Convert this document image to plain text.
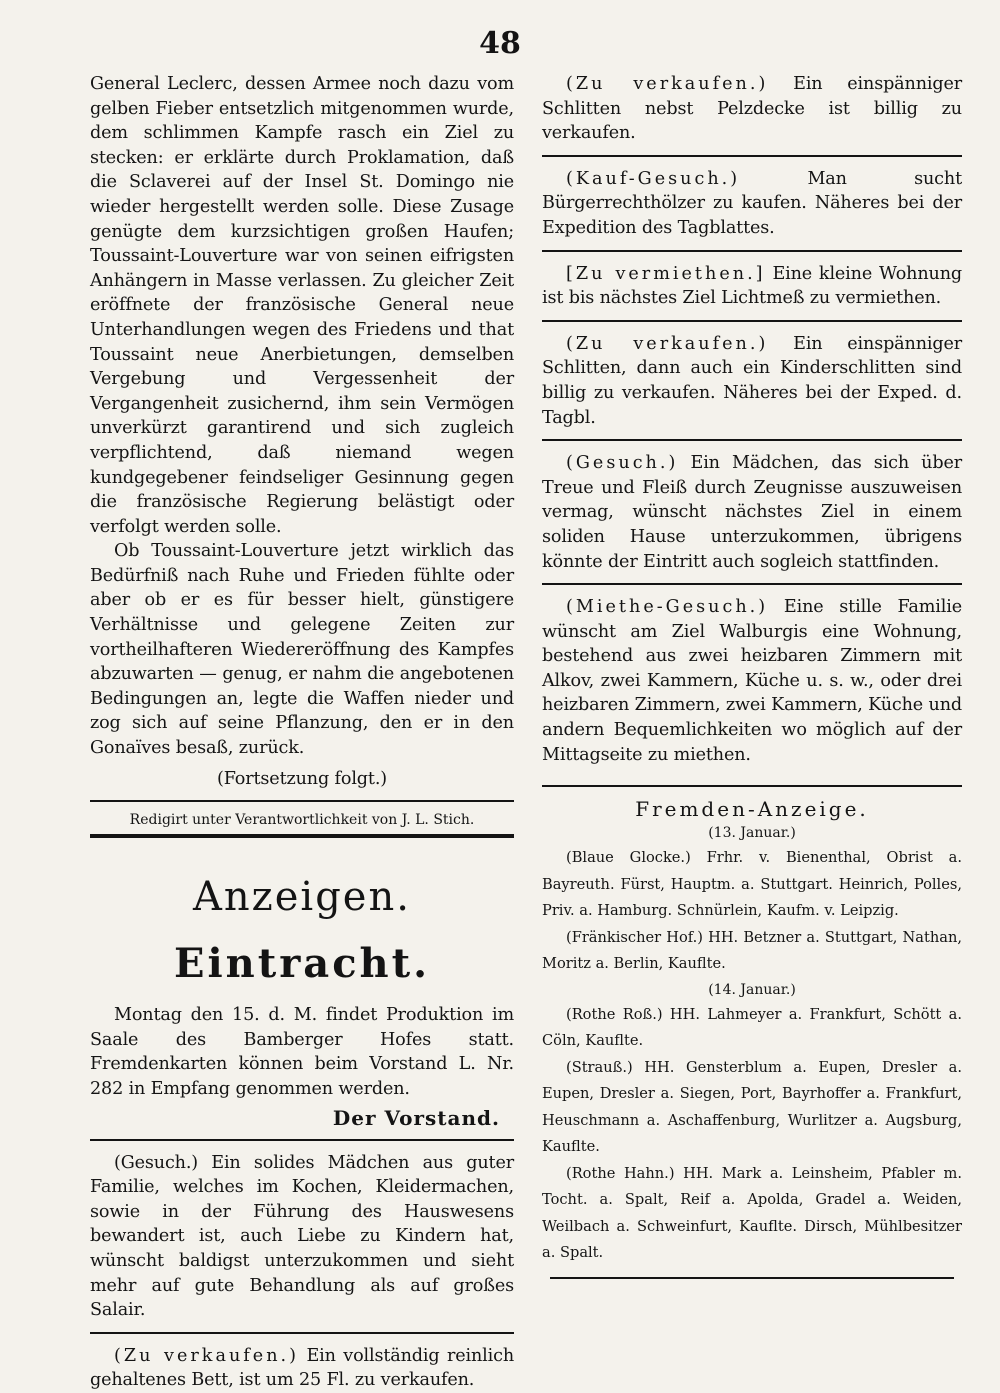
48

General Leclerc, dessen Armee noch dazu vom gelben Fieber entsetzlich mitgenommen wurde, dem schlimmen Kampfe rasch ein Ziel zu stecken: er erklärte durch Proklamation, daß die Sclaverei auf der Insel St. Domingo nie wieder hergestellt werden solle. Diese Zusage genügte dem kurzsichtigen großen Haufen; Toussaint-Louverture war von seinen eifrigsten Anhängern in Masse verlassen. Zu gleicher Zeit eröffnete der französische General neue Unterhandlungen wegen des Friedens und that Toussaint neue Anerbietungen, demselben Vergebung und Vergessenheit der Vergangenheit zusichernd, ihm sein Vermögen unverkürzt garantirend und sich zugleich verpflichtend, daß niemand wegen kundgegebener feindseliger Gesinnung gegen die französische Regierung belästigt oder verfolgt werden solle.

Ob Toussaint-Louverture jetzt wirklich das Bedürfniß nach Ruhe und Frieden fühlte oder aber ob er es für besser hielt, günstigere Verhältnisse und gelegene Zeiten zur vortheilhafteren Wiedereröffnung des Kampfes abzuwarten — genug, er nahm die angebotenen Bedingungen an, legte die Waffen nieder und zog sich auf seine Pflanzung, den er in den Gonaïves besaß, zurück.

(Fortsetzung folgt.)

Redigirt unter Verantwortlichkeit von J. L. Stich.

Anzeigen.
Eintracht.

Montag den 15. d. M. findet Produktion im Saale des Bamberger Hofes statt. Fremdenkarten können beim Vorstand L. Nr. 282 in Empfang genommen werden.

Der Vorstand.

(Gesuch.) Ein solides Mädchen aus guter Familie, welches im Kochen, Kleidermachen, sowie in der Führung des Hauswesens bewandert ist, auch Liebe zu Kindern hat, wünscht baldigst unterzukommen und sieht mehr auf gute Behandlung als auf großes Salair.

(Zu verkaufen.) Ein vollständig reinlich gehaltenes Bett, ist um 25 Fl. zu verkaufen.

(Zu verkaufen.) Ein einspänniger Schlitten nebst Pelzdecke ist billig zu verkaufen.

(Kauf-Gesuch.)	Man sucht Bürgerrechthölzer zu kaufen. Näheres bei der Expedition des Tagblattes.

[Zu vermiethen.] Eine kleine Wohnung ist bis nächstes Ziel Lichtmeß zu vermiethen.

(Zu verkaufen.) Ein einspänniger Schlitten, dann auch ein Kinderschlitten sind billig zu verkaufen. Näheres bei der Exped. d. Tagbl.

(Gesuch.) Ein Mädchen, das sich über Treue und Fleiß durch Zeugnisse auszuweisen vermag, wünscht nächstes Ziel in einem soliden Hause unterzukommen, übrigens könnte der Eintritt auch sogleich stattfinden.

(Miethe-Gesuch.) Eine stille Familie wünscht am Ziel Walburgis eine Wohnung, bestehend aus zwei heizbaren Zimmern mit Alkov, zwei Kammern, Küche u. s. w., oder drei heizbaren Zimmern, zwei Kammern, Küche und andern Bequemlichkeiten wo möglich auf der Mittagseite zu miethen.

Fremden-Anzeige.
(13. Januar.)

(Blaue Glocke.) Frhr. v. Bienenthal, Obrist a. Bayreuth. Fürst, Hauptm. a. Stuttgart. Heinrich, Polles, Priv. a. Hamburg. Schnürlein, Kaufm. v. Leipzig.

(Fränkischer Hof.) HH. Betzner a. Stuttgart, Nathan, Moritz a. Berlin, Kaufltе.

(14. Januar.)

(Rothe Roß.) HH. Lahmeyer a. Frankfurt, Schött a. Cöln, Kauflte.

(Strauß.) HH. Gensterblum a. Eupen, Dresler a. Eupen, Dresler a. Siegen, Port, Bayrhoffer a. Frankfurt, Heuschmann a. Aschaffenburg, Wurlitzer a. Augsburg, Kauflte.

(Rothe Hahn.) HH. Mark a. Leinsheim, Pfabler m. Tocht. a. Spalt, Reif a. Apolda, Gradel a. Weiden, Weilbach a. Schweinfurt, Kauflte. Dirsch, Mühlbesitzer a. Spalt.
